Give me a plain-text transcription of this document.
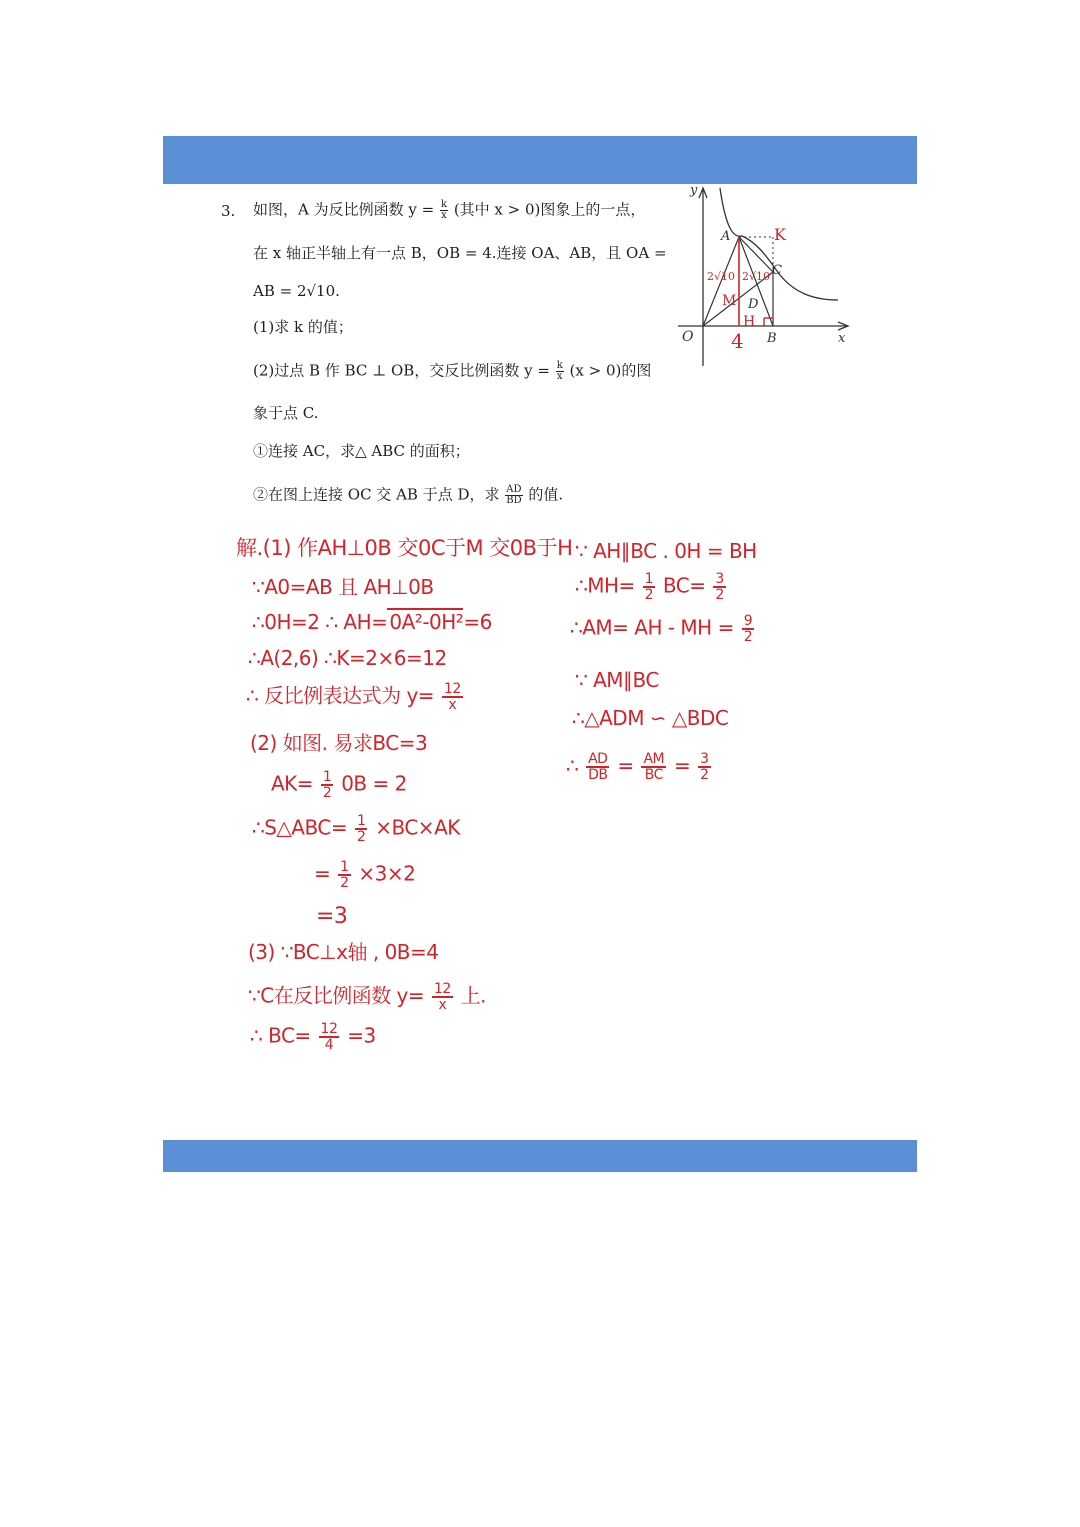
3. 如图，A 为反比例函数 $y = \frac{k}{x}$ (其中 x > 0)图象上的一点，
在 x 轴正半轴上有一点 B，OB = 4.连接 OA、AB，且 OA =
AB = 2√10.
(1)求 k 的值；
(2)过点 B 作 BC ⊥ OB，交反比例函数 $y = \frac{k}{x} (x > 0)$的图
象于点 C.
①连接 AC，求△ ABC 的面积；
②在图上连接 OC 交 AB 于点 D，求 $\frac{AD}{BD}$ 的值.
y
x
O
A
B
C
D
K
M
H
4
2√10 2√10
解.(1) 作AH⊥0B 交0C于M 交0B于H
∵A0=AB 且 AH⊥0B
∴0H=2 ∴ AH= 0A²-0H²=6
∴A(2,6) ∴K=2×6=12
∴ 反比例表达式为 $y= \frac{12}{x}$
(2) 如图. 易求BC=3
$AK= \frac{1}{2} 0B = 2$
∴S△ABC= $\frac{1}{2} \times BC\times AK$
= $\frac{1}{2} \times 3\times 2$
=3
(3) ∵BC⊥x轴 , 0B=4
∵C在反比例函数 $y= \frac{12}{x}$ 上.
∴ $BC= \frac{12}{4} =3$
∵ AH∥BC . 0H = BH
∴MH= $\frac{1}{2} BC= \frac{3}{2}$
∴AM= AH - MH = $\frac{9}{2}$
∵ AM∥BC
∴△ADM ∽ △BDC
∴ $\frac{AD}{DB} = \frac{AM}{BC} = \frac{3}{2}$
